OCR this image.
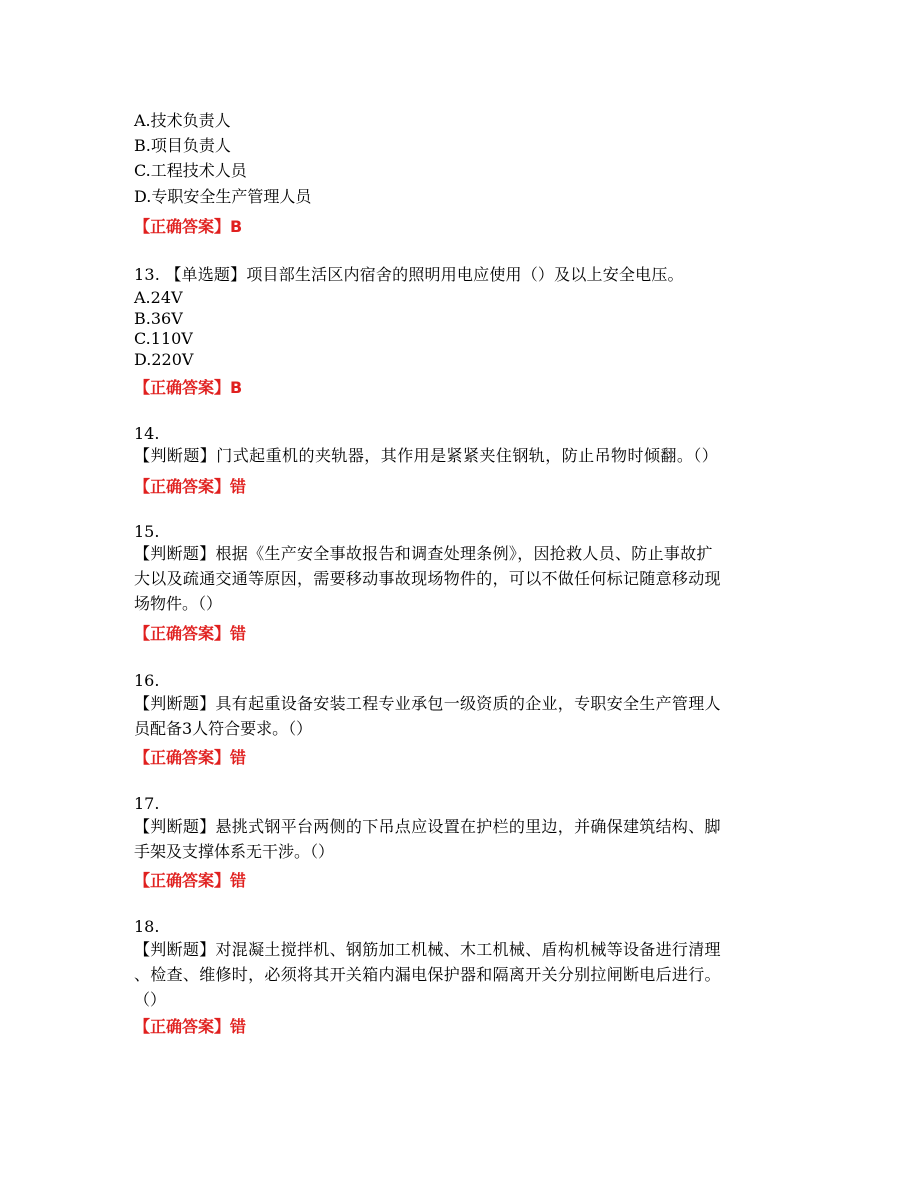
A.技术负责人
B.项目负责人
C.工程技术人员
D.专职安全生产管理人员
【正确答案】B
13. 【单选题】项目部生活区内宿舍的照明用电应使用（）及以上安全电压。
A.24V
B.36V
C.110V
D.220V
【正确答案】B
14.
【判断题】门式起重机的夹轨器，其作用是紧紧夹住钢轨，防止吊物时倾翻。（）
【正确答案】错
15.
【判断题】根据《生产安全事故报告和调查处理条例》，因抢救人员、防止事故扩
大以及疏通交通等原因，需要移动事故现场物件的，可以不做任何标记随意移动现
场物件。（）
【正确答案】错
16.
【判断题】具有起重设备安装工程专业承包一级资质的企业，专职安全生产管理人
员配备3人符合要求。（）
【正确答案】错
17.
【判断题】悬挑式钢平台两侧的下吊点应设置在护栏的里边，并确保建筑结构、脚
手架及支撑体系无干涉。（）
【正确答案】错
18.
【判断题】对混凝土搅拌机、钢筋加工机械、木工机械、盾构机械等设备进行清理
、检查、维修时，必须将其开关箱内漏电保护器和隔离开关分别拉闸断电后进行。
（）
【正确答案】错
